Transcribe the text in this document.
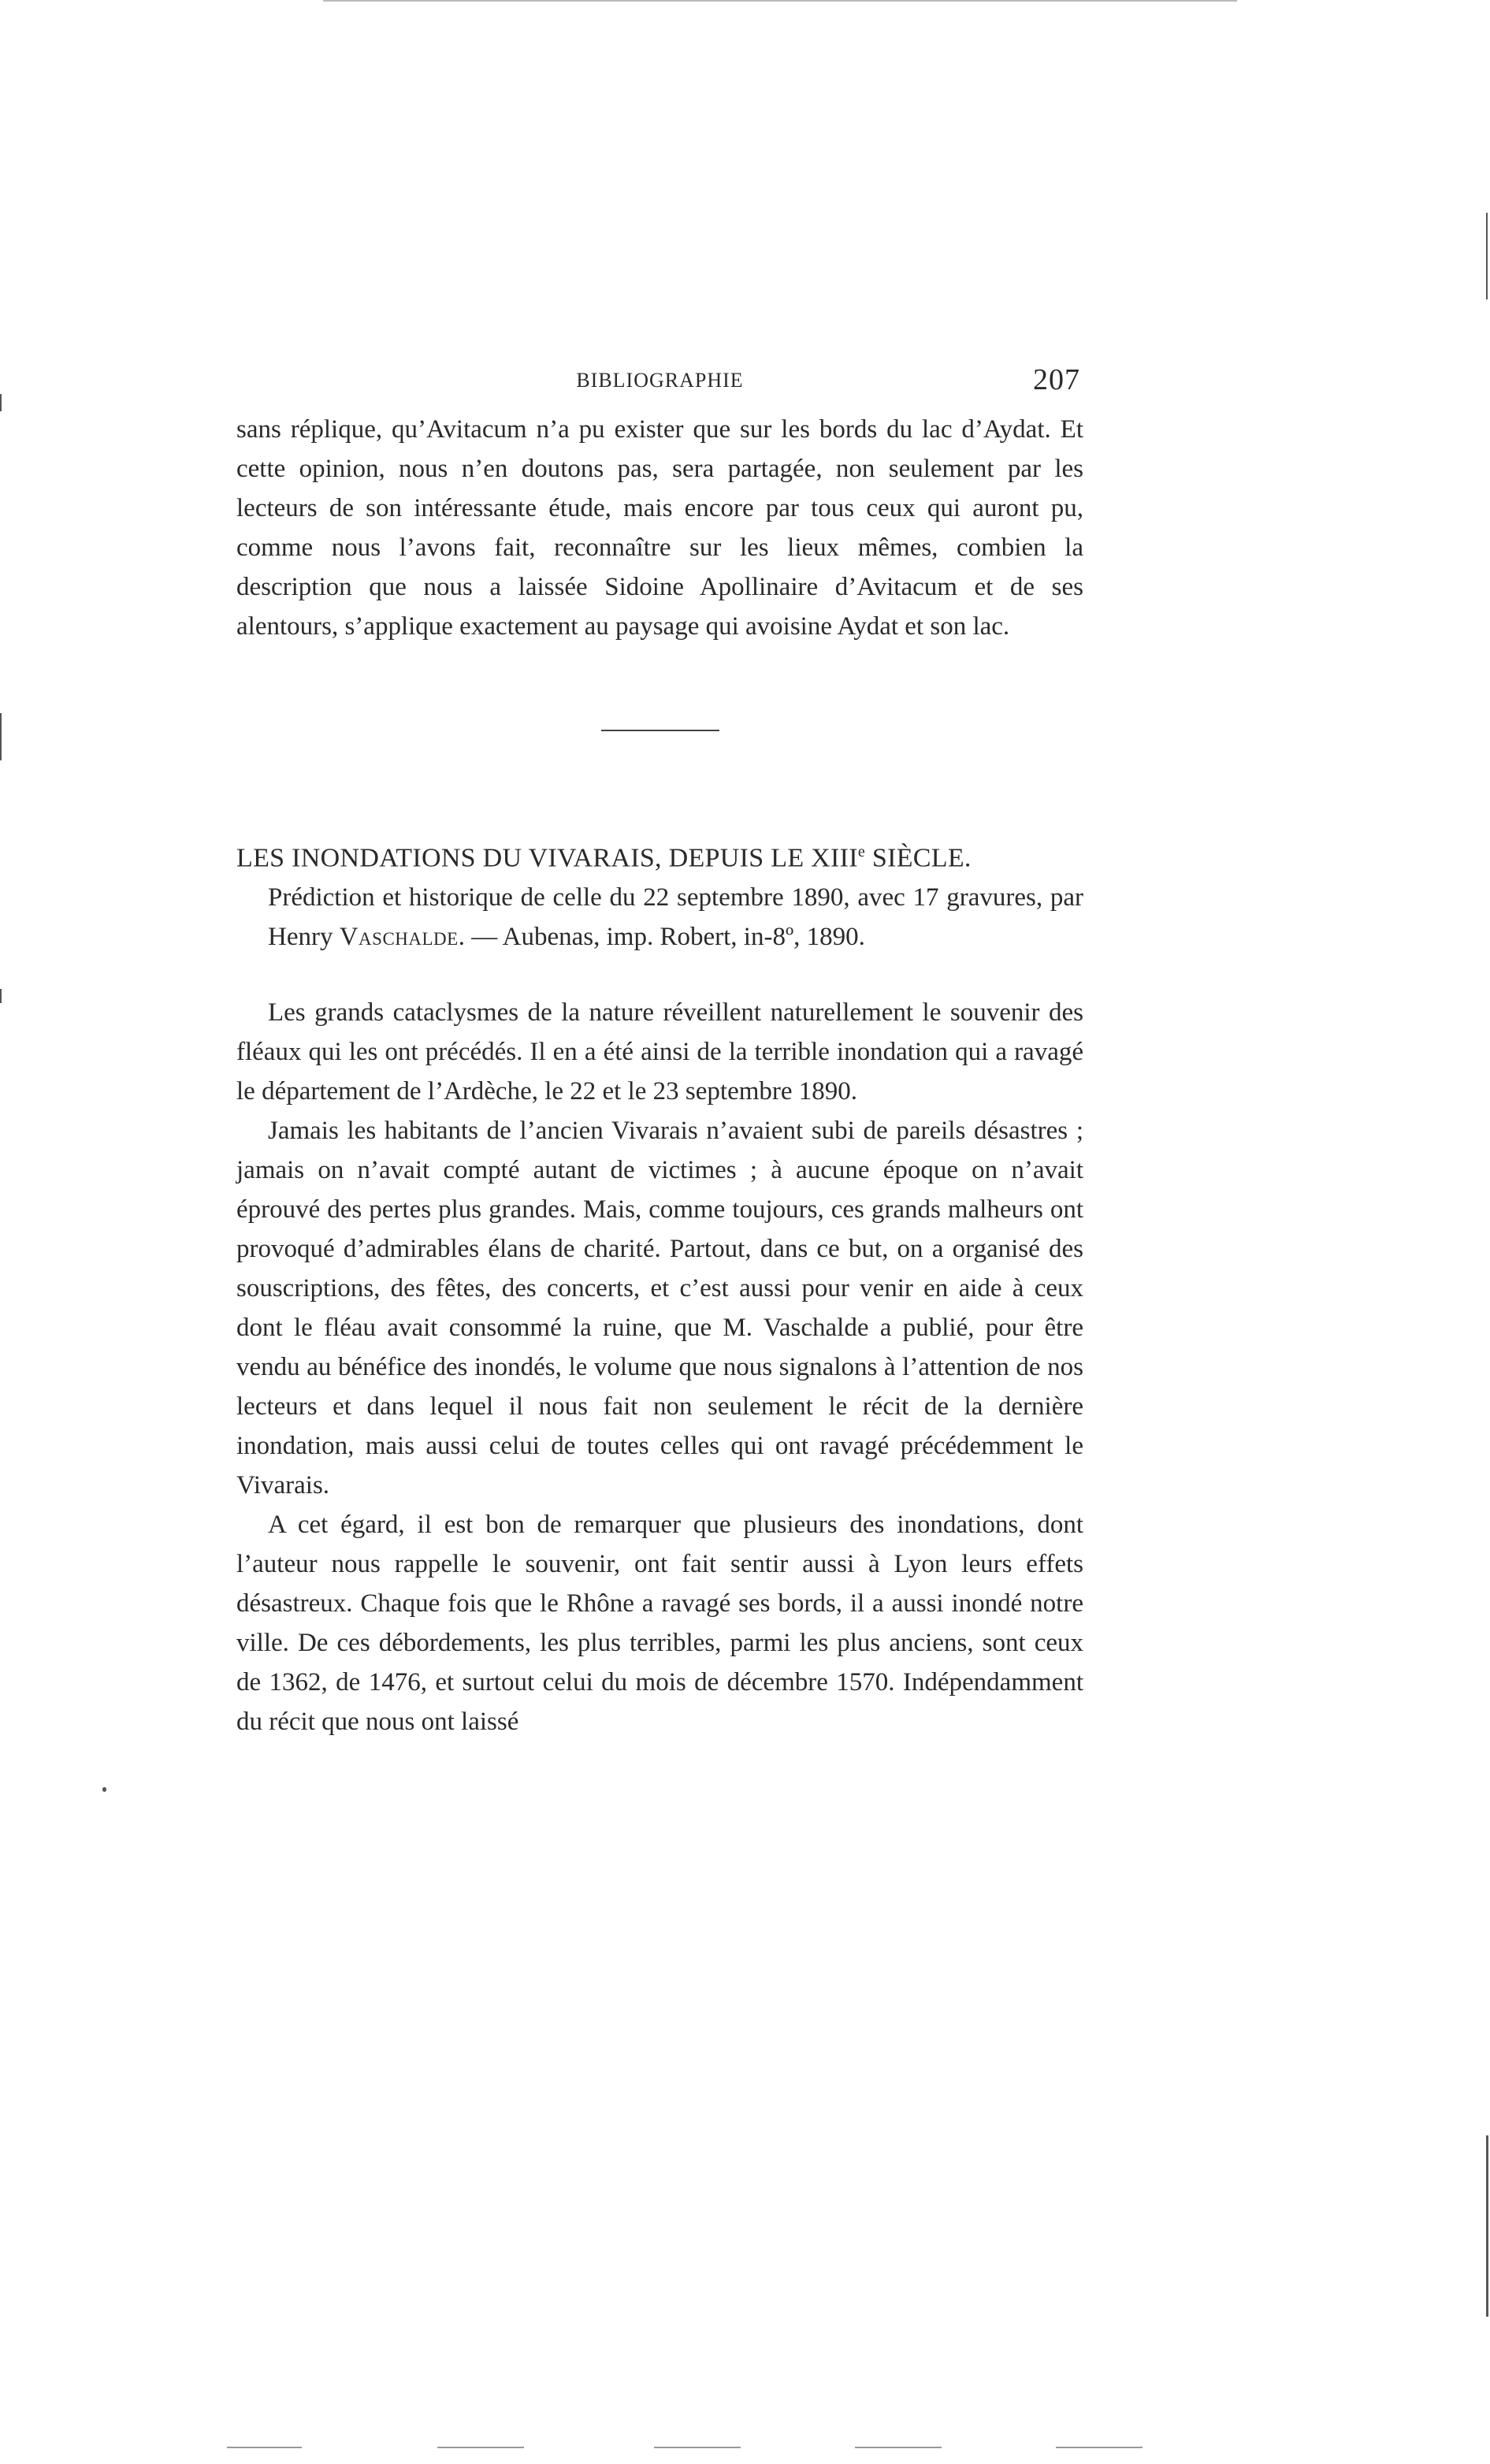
BIBLIOGRAPHIE	207

sans réplique, qu’Avitacum n’a pu exister que sur les bords du lac d’Aydat. Et cette opinion, nous n’en doutons pas, sera partagée, non seulement par les lecteurs de son intéressante étude, mais encore par tous ceux qui auront pu, comme nous l’avons fait, reconnaître sur les lieux mêmes, combien la description que nous a laissée Sidoine Apollinaire d’Avitacum et de ses alentours, s’applique exactement au paysage qui avoisine Aydat et son lac.

LES INONDATIONS DU VIVARAIS, DEPUIS LE XIIIe SIÈCLE.

Prédiction et historique de celle du 22 septembre 1890, avec 17 gravures, par Henry Vaschalde. — Aubenas, imp. Robert, in-8º, 1890.

Les grands cataclysmes de la nature réveillent naturellement le souvenir des fléaux qui les ont précédés. Il en a été ainsi de la terrible inondation qui a ravagé le département de l’Ardèche, le 22 et le 23 septembre 1890.

Jamais les habitants de l’ancien Vivarais n’avaient subi de pareils désastres ; jamais on n’avait compté autant de victimes ; à aucune époque on n’avait éprouvé des pertes plus grandes. Mais, comme toujours, ces grands malheurs ont provoqué d’admirables élans de charité. Partout, dans ce but, on a organisé des souscriptions, des fêtes, des concerts, et c’est aussi pour venir en aide à ceux dont le fléau avait consommé la ruine, que M. Vaschalde a publié, pour être vendu au bénéfice des inondés, le volume que nous signalons à l’attention de nos lecteurs et dans lequel il nous fait non seulement le récit de la dernière inondation, mais aussi celui de toutes celles qui ont ravagé précédemment le Vivarais.

A cet égard, il est bon de remarquer que plusieurs des inondations, dont l’auteur nous rappelle le souvenir, ont fait sentir aussi à Lyon leurs effets désastreux. Chaque fois que le Rhône a ravagé ses bords, il a aussi inondé notre ville. De ces débordements, les plus terribles, parmi les plus anciens, sont ceux de 1362, de 1476, et surtout celui du mois de décembre 1570. Indépendamment du récit que nous ont laissé
